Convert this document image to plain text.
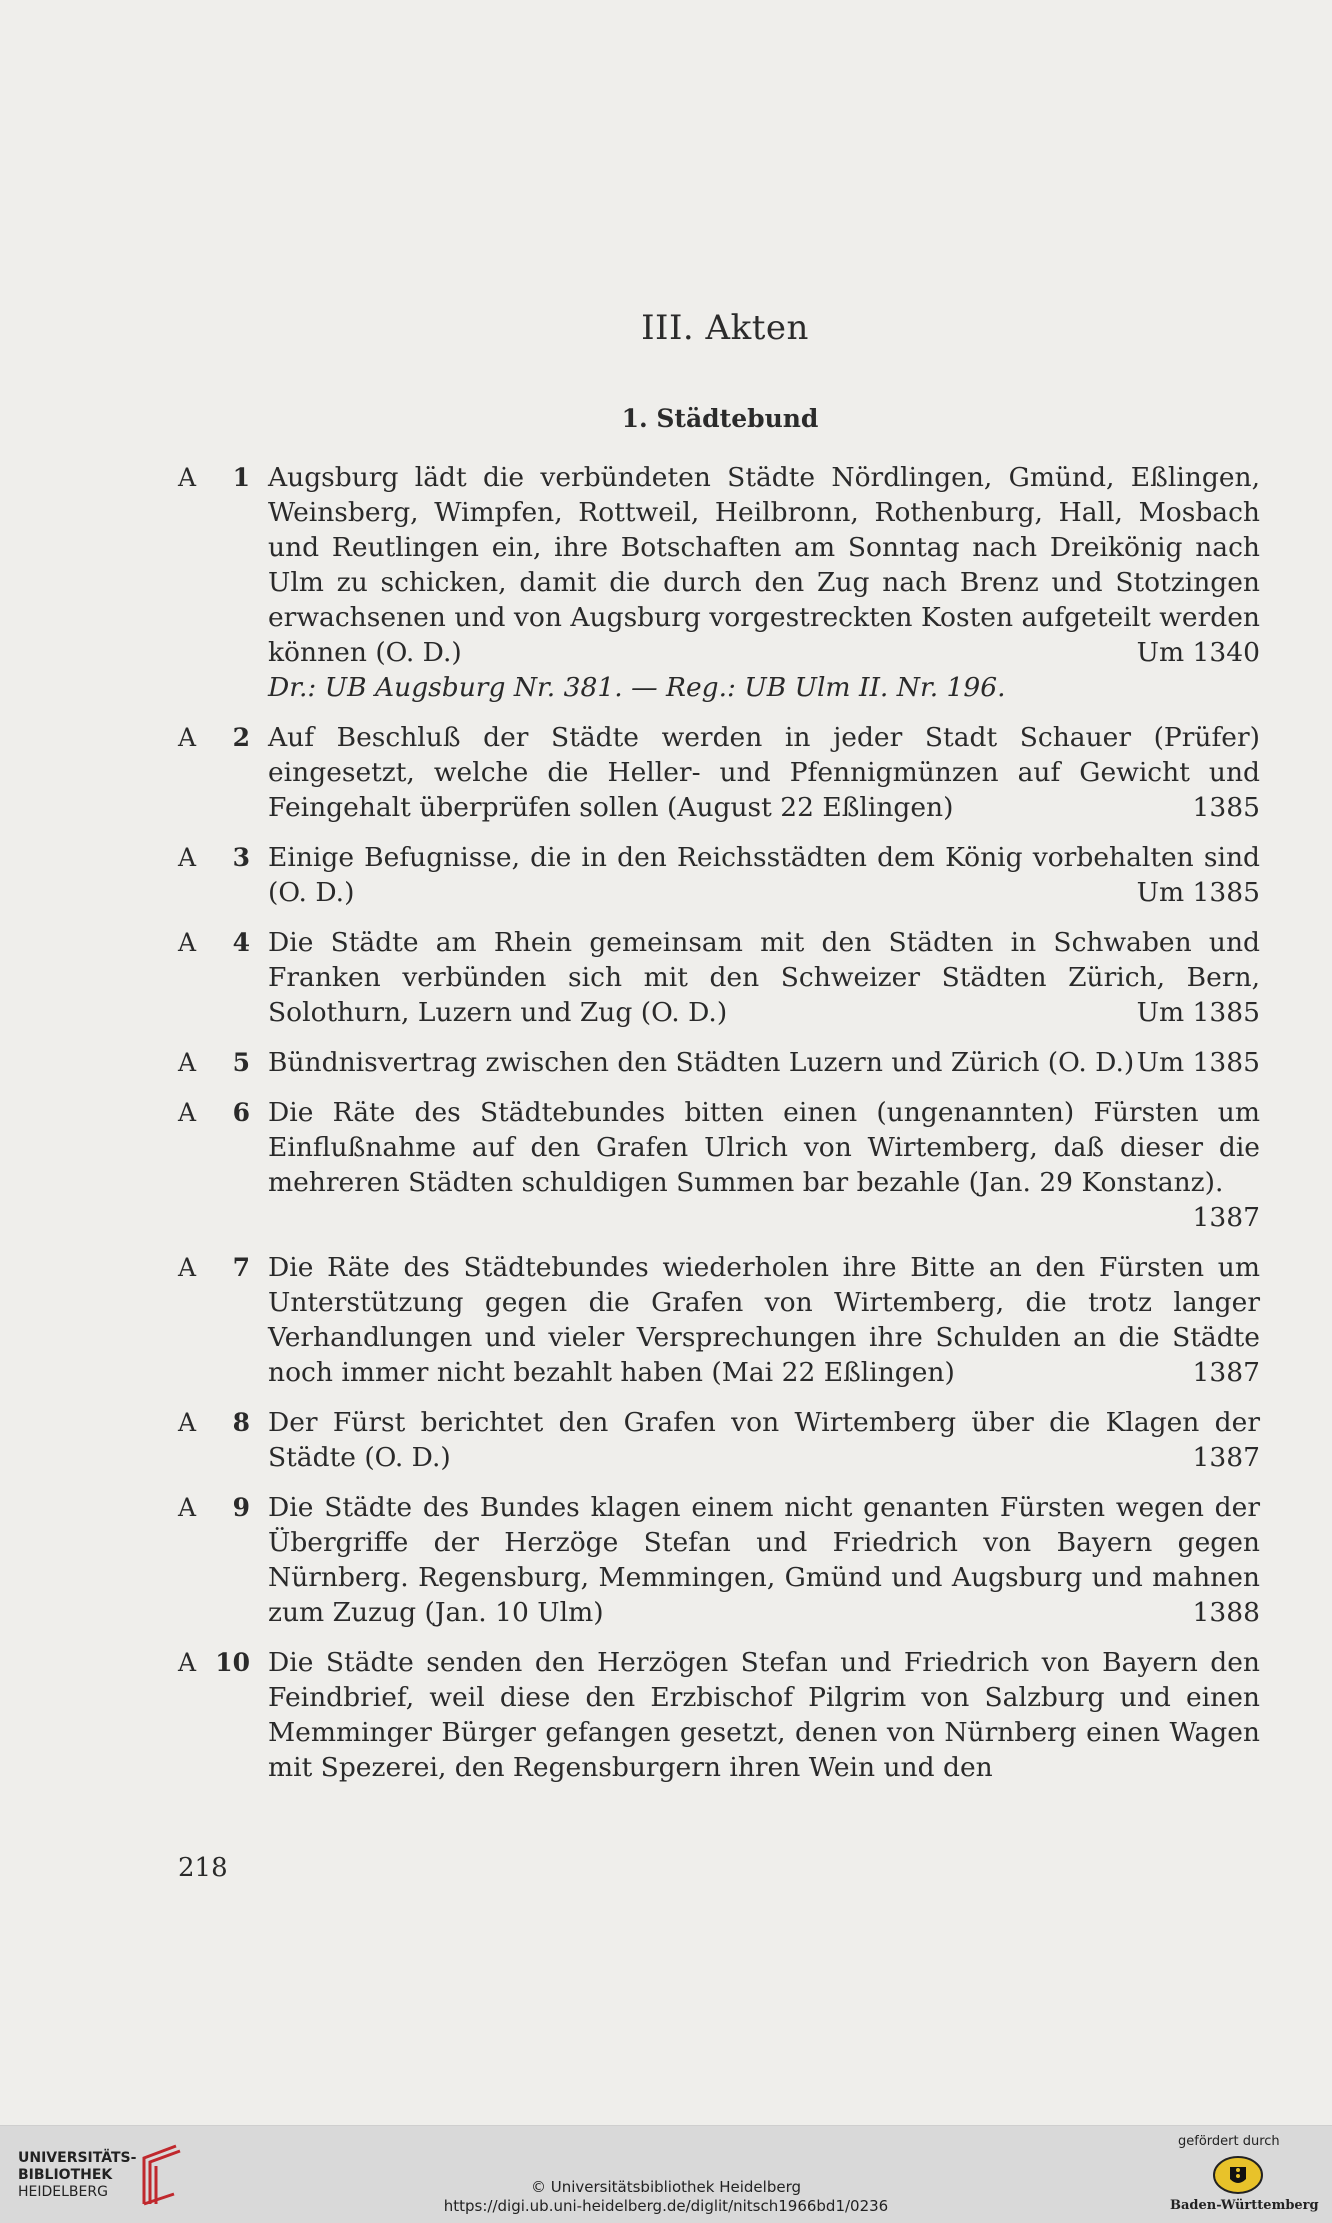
III. Akten
1. Städtebund
A 1 Augsburg lädt die verbündeten Städte Nördlingen, Gmünd, Eßlingen, Weinsberg, Wimpfen, Rottweil, Heilbronn, Rothenburg, Hall, Mosbach und Reutlingen ein, ihre Botschaften am Sonntag nach Dreikönig nach Ulm zu schicken, damit die durch den Zug nach Brenz und Stotzingen erwachsenen und von Augsburg vorgestreckten Kosten aufgeteilt werden können (O. D.)	Um 1340
Dr.: UB Augsburg Nr. 381. — Reg.: UB Ulm II. Nr. 196.
A 2 Auf Beschluß der Städte werden in jeder Stadt Schauer (Prüfer) eingesetzt, welche die Heller- und Pfennigmünzen auf Gewicht und Feingehalt überprüfen sollen (August 22 Eßlingen)	1385
A 3 Einige Befugnisse, die in den Reichsstädten dem König vorbehalten sind (O. D.)	Um 1385
A 4 Die Städte am Rhein gemeinsam mit den Städten in Schwaben und Franken verbünden sich mit den Schweizer Städten Zürich, Bern, Solothurn, Luzern und Zug (O. D.)	Um 1385
A 5 Bündnisvertrag zwischen den Städten Luzern und Zürich (O. D.) Um 1385
A 6 Die Räte des Städtebundes bitten einen (ungenannten) Fürsten um Einflußnahme auf den Grafen Ulrich von Wirtemberg, daß dieser die mehreren Städten schuldigen Summen bar bezahle (Jan. 29 Konstanz).
1387
A 7 Die Räte des Städtebundes wiederholen ihre Bitte an den Fürsten um Unterstützung gegen die Grafen von Wirtemberg, die trotz langer Verhandlungen und vieler Versprechungen ihre Schulden an die Städte noch immer nicht bezahlt haben (Mai 22 Eßlingen)	1387
A 8 Der Fürst berichtet den Grafen von Wirtemberg über die Klagen der Städte (O. D.)	1387
A 9 Die Städte des Bundes klagen einem nicht genanten Fürsten wegen der Übergriffe der Herzöge Stefan und Friedrich von Bayern gegen Nürnberg. Regensburg, Memmingen, Gmünd und Augsburg und mahnen zum Zuzug (Jan. 10 Ulm)	1388
A 10 Die Städte senden den Herzögen Stefan und Friedrich von Bayern den Feindbrief, weil diese den Erzbischof Pilgrim von Salzburg und einen Memminger Bürger gefangen gesetzt, denen von Nürnberg einen Wagen mit Spezerei, den Regensburgern ihren Wein und den
218
UNIVERSITÄTS-
BIBLIOTHEK
HEIDELBERG	© Universitätsbibliothek Heidelberg
https://digi.ub.uni-heidelberg.de/diglit/nitsch1966bd1/0236
gefördert durch
Baden-Württemberg
